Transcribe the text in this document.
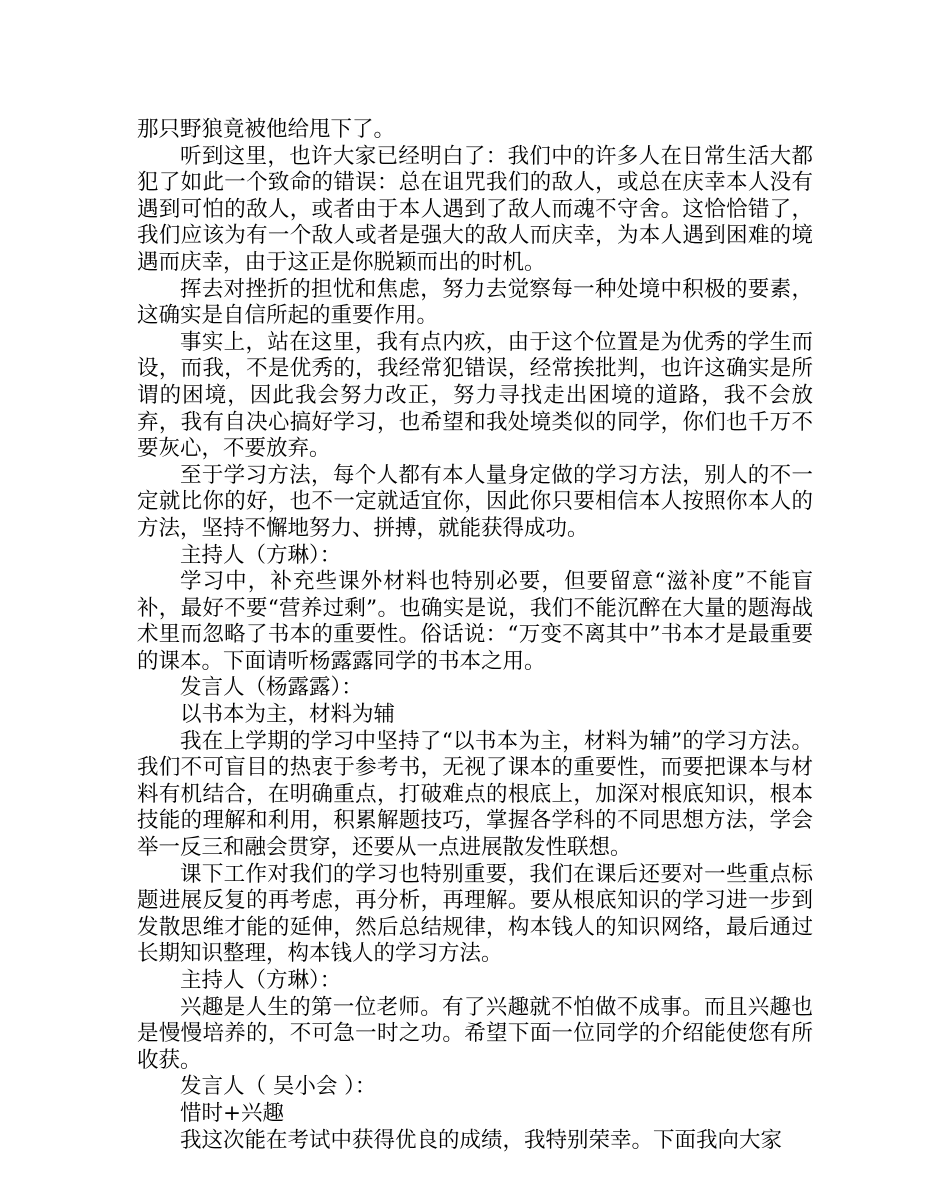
那只野狼竟被他给甩下了。

听到这里，也许大家已经明白了：我们中的许多人在日常生活大都犯了如此一个致命的错误：总在诅咒我们的敌人，或总在庆幸本人没有遇到可怕的敌人，或者由于本人遇到了敌人而魂不守舍。这恰恰错了，我们应该为有一个敌人或者是强大的敌人而庆幸，为本人遇到困难的境遇而庆幸，由于这正是你脱颖而出的时机。

挥去对挫折的担忧和焦虑，努力去觉察每一种处境中积极的要素，这确实是自信所起的重要作用。

事实上，站在这里，我有点内疚，由于这个位置是为优秀的学生而设，而我，不是优秀的，我经常犯错误，经常挨批判，也许这确实是所谓的困境，因此我会努力改正，努力寻找走出困境的道路，我不会放弃，我有自决心搞好学习，也希望和我处境类似的同学，你们也千万不要灰心，不要放弃。

至于学习方法，每个人都有本人量身定做的学习方法，别人的不一定就比你的好，也不一定就适宜你，因此你只要相信本人按照你本人的方法，坚持不懈地努力、拼搏，就能获得成功。

主持人（方琳）：

学习中，补充些课外材料也特别必要，但要留意“滋补度”不能盲补，最好不要“营养过剩”。也确实是说，我们不能沉醉在大量的题海战术里而忽略了书本的重要性。俗话说：“万变不离其中”书本才是最重要的课本。下面请听杨露露同学的书本之用。

发言人（杨露露）：

以书本为主，材料为辅

我在上学期的学习中坚持了“以书本为主，材料为辅”的学习方法。我们不可盲目的热衷于参考书，无视了课本的重要性，而要把课本与材料有机结合，在明确重点，打破难点的根底上，加深对根底知识，根本技能的理解和利用，积累解题技巧，掌握各学科的不同思想方法，学会举一反三和融会贯穿，还要从一点进展散发性联想。

课下工作对我们的学习也特别重要，我们在课后还要对一些重点标题进展反复的再考虑，再分析，再理解。要从根底知识的学习进一步到发散思维才能的延伸，然后总结规律，构本钱人的知识网络，最后通过长期知识整理，构本钱人的学习方法。

主持人（方琳）：

兴趣是人生的第一位老师。有了兴趣就不怕做不成事。而且兴趣也是慢慢培养的，不可急一时之功。希望下面一位同学的介绍能使您有所收获。

发言人（ 吴小会 ）：

惜时+兴趣

我这次能在考试中获得优良的成绩，我特别荣幸。下面我向大家
